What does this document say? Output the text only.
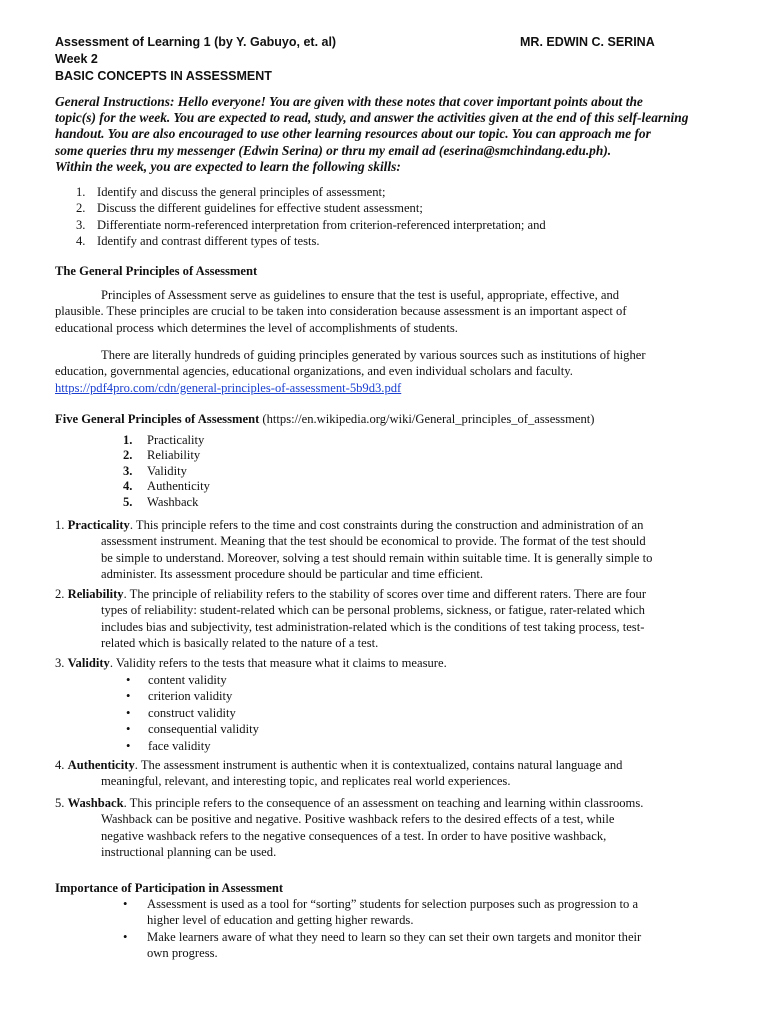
Assessment of Learning 1 (by Y. Gabuyo, et. al)	MR. EDWIN C. SERINA
Week 2
BASIC CONCEPTS IN ASSESSMENT
General Instructions: Hello everyone! You are given with these notes that cover important points about the
topic(s) for the week. You are expected to read, study, and answer the activities given at the end of this self-learning
handout. You are also encouraged to use other learning resources about our topic. You can approach me for
some queries thru my messenger (Edwin Serina) or thru my email ad (eserina@smchindang.edu.ph).
Within the week, you are expected to learn the following skills:
1. Identify and discuss the general principles of assessment;
2. Discuss the different guidelines for effective student assessment;
3. Differentiate norm-referenced interpretation from criterion-referenced interpretation; and
4. Identify and contrast different types of tests.
The General Principles of Assessment
Principles of Assessment serve as guidelines to ensure that the test is useful, appropriate, effective, and
plausible. These principles are crucial to be taken into consideration because assessment is an important aspect of
educational process which determines the level of accomplishments of students.
There are literally hundreds of guiding principles generated by various sources such as institutions of higher
education, governmental agencies, educational organizations, and even individual scholars and faculty.
https://pdf4pro.com/cdn/general-principles-of-assessment-5b9d3.pdf
Five General Principles of Assessment (https://en.wikipedia.org/wiki/General_principles_of_assessment)
1. Practicality
2. Reliability
3. Validity
4. Authenticity
5. Washback
1. Practicality. This principle refers to the time and cost constraints during the construction and administration of an
assessment instrument. Meaning that the test should be economical to provide. The format of the test should
be simple to understand. Moreover, solving a test should remain within suitable time. It is generally simple to
administer. Its assessment procedure should be particular and time efficient.
2. Reliability. The principle of reliability refers to the stability of scores over time and different raters. There are four
types of reliability: student-related which can be personal problems, sickness, or fatigue, rater-related which
includes bias and subjectivity, test administration-related which is the conditions of test taking process, test-
related which is basically related to the nature of a test.
3. Validity. Validity refers to the tests that measure what it claims to measure.
• content validity
• criterion validity
• construct validity
• consequential validity
• face validity
4. Authenticity. The assessment instrument is authentic when it is contextualized, contains natural language and
meaningful, relevant, and interesting topic, and replicates real world experiences.
5. Washback. This principle refers to the consequence of an assessment on teaching and learning within classrooms.
Washback can be positive and negative. Positive washback refers to the desired effects of a test, while
negative washback refers to the negative consequences of a test. In order to have positive washback,
instructional planning can be used.
Importance of Participation in Assessment
•	Assessment is used as a tool for “sorting” students for selection purposes such as progression to a
higher level of education and getting higher rewards.
•	Make learners aware of what they need to learn so they can set their own targets and monitor their
own progress.
